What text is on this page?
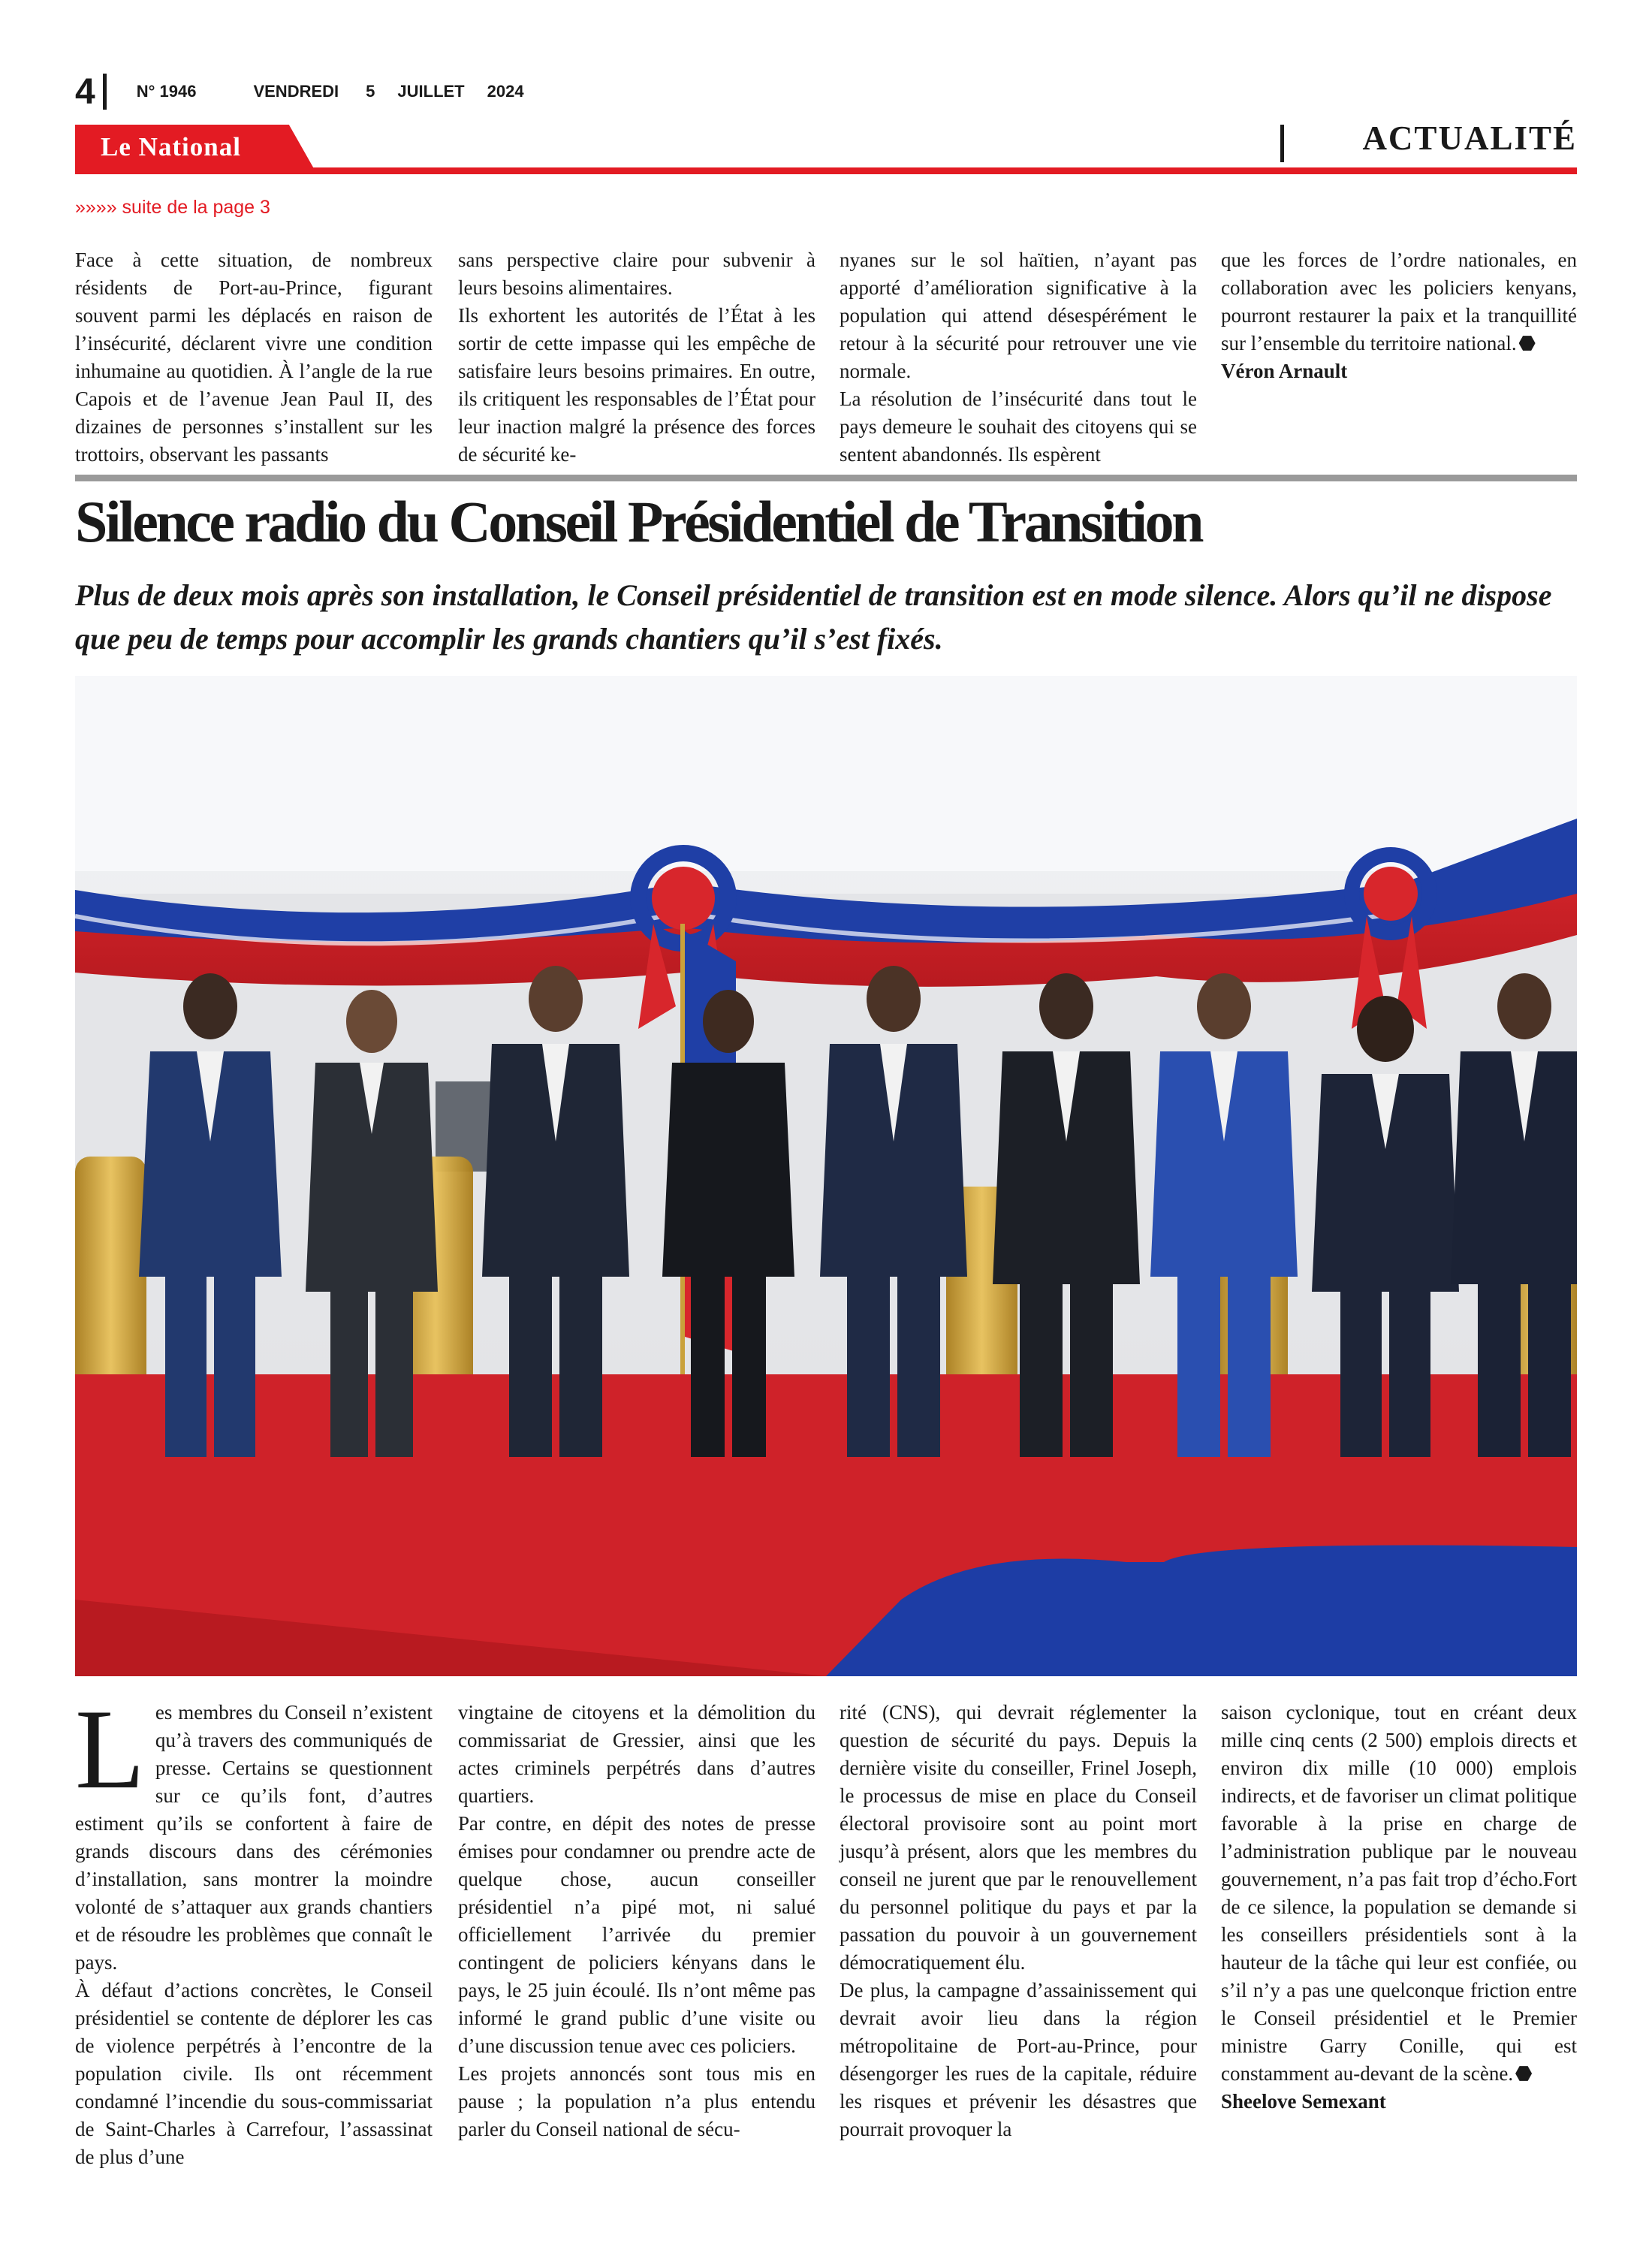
4	N° 1946	VENDREDI 5 JUILLET 2024
Le National	ACTUALITÉ
»»»» suite de la page 3

Face à cette situation, de nombreux résidents de Port-au-Prince, figurant souvent parmi les déplacés en raison de l’insécurité, déclarent vivre une condition inhumaine au quotidien. À l’angle de la rue Capois et de l’avenue Jean Paul II, des dizaines de personnes s’installent sur les trottoirs, observant les passants

sans perspective claire pour subvenir à leurs besoins alimentaires.

Ils exhortent les autorités de l’État à les sortir de cette impasse qui les empêche de satisfaire leurs besoins primaires. En outre, ils critiquent les responsables de l’État pour leur inaction malgré la présence des forces de sécurité ke-

nyanes sur le sol haïtien, n’ayant pas apporté d’amélioration significative à la population qui attend désespérément le retour à la sécurité pour retrouver une vie normale.

La résolution de l’insécurité dans tout le pays demeure le souhait des citoyens qui se sentent abandonnés. Ils espèrent

que les forces de l’ordre nationales, en collaboration avec les policiers kenyans, pourront restaurer la paix et la tranquillité sur l’ensemble du territoire national.

Véron Arnault

Silence radio du Conseil Présidentiel de Transition

Plus de deux mois après son installation, le Conseil présidentiel de transition est en mode silence. Alors qu’il ne dispose que peu de temps pour accomplir les grands chantiers qu’il s’est fixés.

Les membres du Conseil n’existent qu’à travers des communiqués de presse. Certains se questionnent sur ce qu’ils font, d’autres estiment qu’ils se confortent à faire de grands discours dans des cérémonies d’installation, sans montrer la moindre volonté de s’attaquer aux grands chantiers et de résoudre les problèmes que connaît le pays.

À défaut d’actions concrètes, le Conseil présidentiel se contente de déplorer les cas de violence perpétrés à l’encontre de la population civile. Ils ont récemment condamné l’incendie du sous-commissariat de Saint-Charles à Carrefour, l’assassinat de plus d’une

vingtaine de citoyens et la démolition du commissariat de Gressier, ainsi que les actes criminels perpétrés dans d’autres quartiers.

Par contre, en dépit des notes de presse émises pour condamner ou prendre acte de quelque chose, aucun conseiller présidentiel n’a pipé mot, ni salué officiellement l’arrivée du premier contingent de policiers kényans dans le pays, le 25 juin écoulé. Ils n’ont même pas informé le grand public d’une visite ou d’une discussion tenue avec ces policiers.

Les projets annoncés sont tous mis en pause ; la population n’a plus entendu parler du Conseil national de sécu-

rité (CNS), qui devrait réglementer la question de sécurité du pays. Depuis la dernière visite du conseiller, Frinel Joseph, le processus de mise en place du Conseil électoral provisoire sont au point mort jusqu’à présent, alors que les membres du conseil ne jurent que par le renouvellement du personnel politique du pays et par la passation du pouvoir à un gouvernement démocratiquement élu.

De plus, la campagne d’assainissement qui devrait avoir lieu dans la région métropolitaine de Port-au-Prince, pour désengorger les rues de la capitale, réduire les risques et prévenir les désastres que pourrait provoquer la

saison cyclonique, tout en créant deux mille cinq cents (2 500) emplois directs et environ dix mille (10 000) emplois indirects, et de favoriser un climat politique favorable à la prise en charge de l’administration publique par le nouveau gouvernement, n’a pas fait trop d’écho.Fort de ce silence, la population se demande si les conseillers présidentiels sont à la hauteur de la tâche qui leur est confiée, ou s’il n’y a pas une quelconque friction entre le Conseil présidentiel et le Premier ministre Garry Conille, qui est constamment au-devant de la scène.

Sheelove Semexant
